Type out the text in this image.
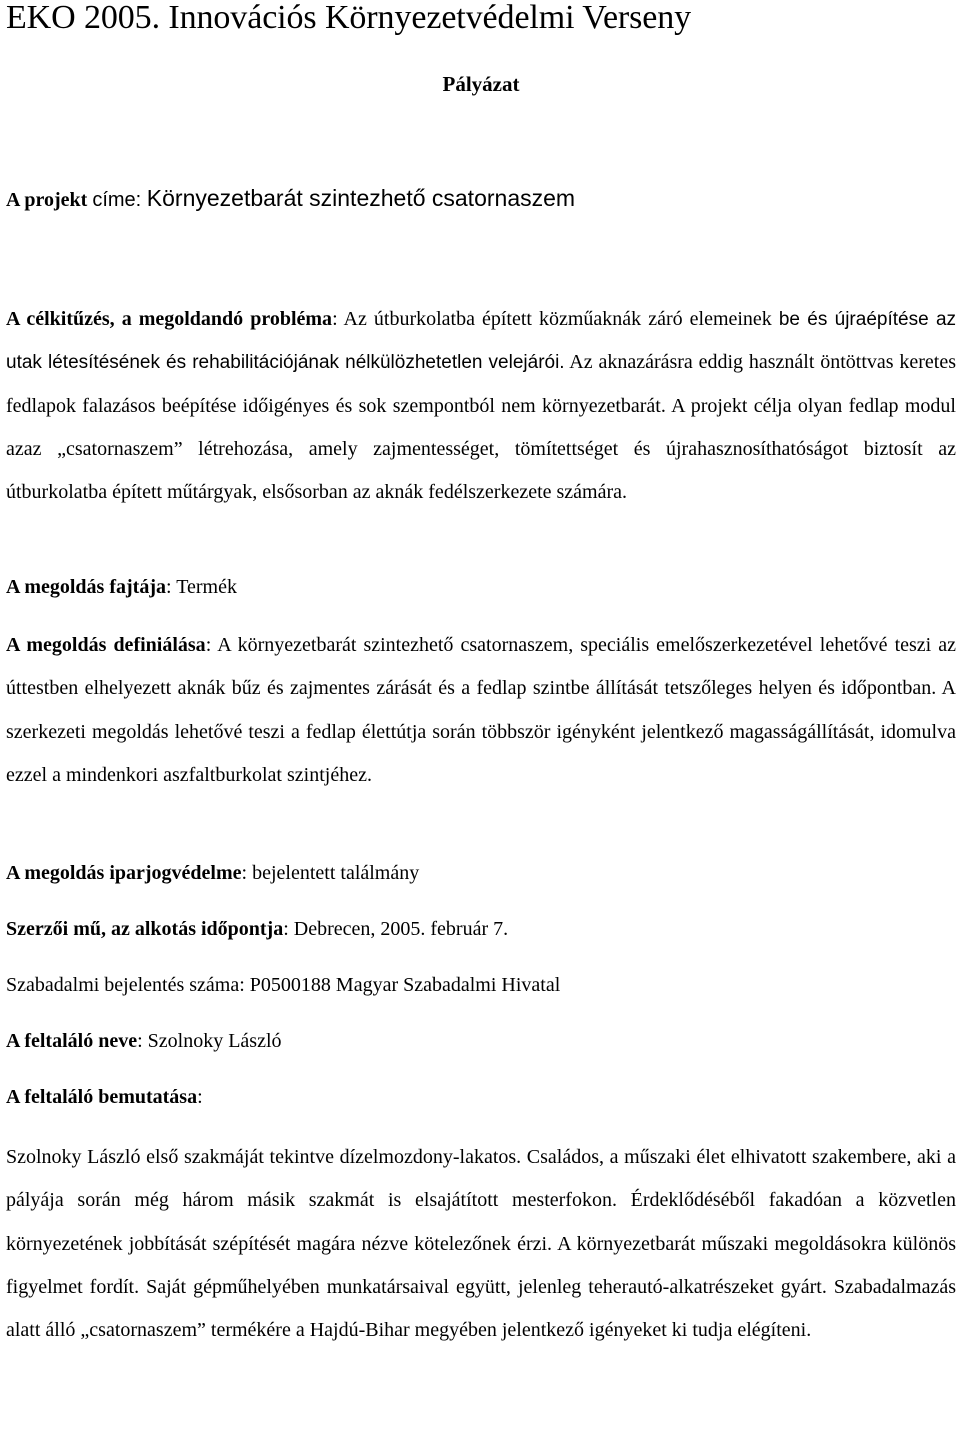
EKO 2005. Innovációs Környezetvédelmi Verseny

Pályázat

A projekt címe: Környezetbarát szintezhető csatornaszem

A célkitűzés, a megoldandó probléma: Az útburkolatba épített közműaknák záró elemeinek be és újraépítése az utak létesítésének és rehabilitációjának nélkülözhetetlen velejárói. Az aknazárásra eddig használt öntöttvas keretes fedlapok falazásos beépítése időigényes és sok szempontból nem környezetbarát. A projekt célja olyan fedlap modul azaz „csatornaszem” létrehozása, amely zajmentességet, tömítettséget és újrahasznosíthatóságot biztosít az útburkolatba épített műtárgyak, elsősorban az aknák fedélszerkezete számára.

A megoldás fajtája: Termék

A megoldás definiálása: A környezetbarát szintezhető csatornaszem, speciális emelőszerkezetével lehetővé teszi az úttestben elhelyezett aknák bűz és zajmentes zárását és a fedlap szintbe állítását tetszőleges helyen és időpontban. A szerkezeti megoldás lehetővé teszi a fedlap élettútja során többször igényként jelentkező magasságállítását, idomulva ezzel a mindenkori aszfaltburkolat szintjéhez.

A megoldás iparjogvédelme: bejelentett találmány

Szerzői mű, az alkotás időpontja: Debrecen, 2005. február 7.

Szabadalmi bejelentés száma: P0500188 Magyar Szabadalmi Hivatal

A feltaláló neve: Szolnoky László

A feltaláló bemutatása:

Szolnoky László első szakmáját tekintve dízelmozdony-lakatos. Családos, a műszaki élet elhivatott szakembere, aki a pályája során még három másik szakmát is elsajátított mesterfokon. Érdeklődéséből fakadóan a közvetlen környezetének jobbítását szépítését magára nézve kötelezőnek érzi. A környezetbarát műszaki megoldásokra különös figyelmet fordít. Saját gépműhelyében munkatársaival együtt, jelenleg teherautó-alkatrészeket gyárt. Szabadalmazás alatt álló „csatornaszem” termékére a Hajdú-Bihar megyében jelentkező igényeket ki tudja elégíteni.
